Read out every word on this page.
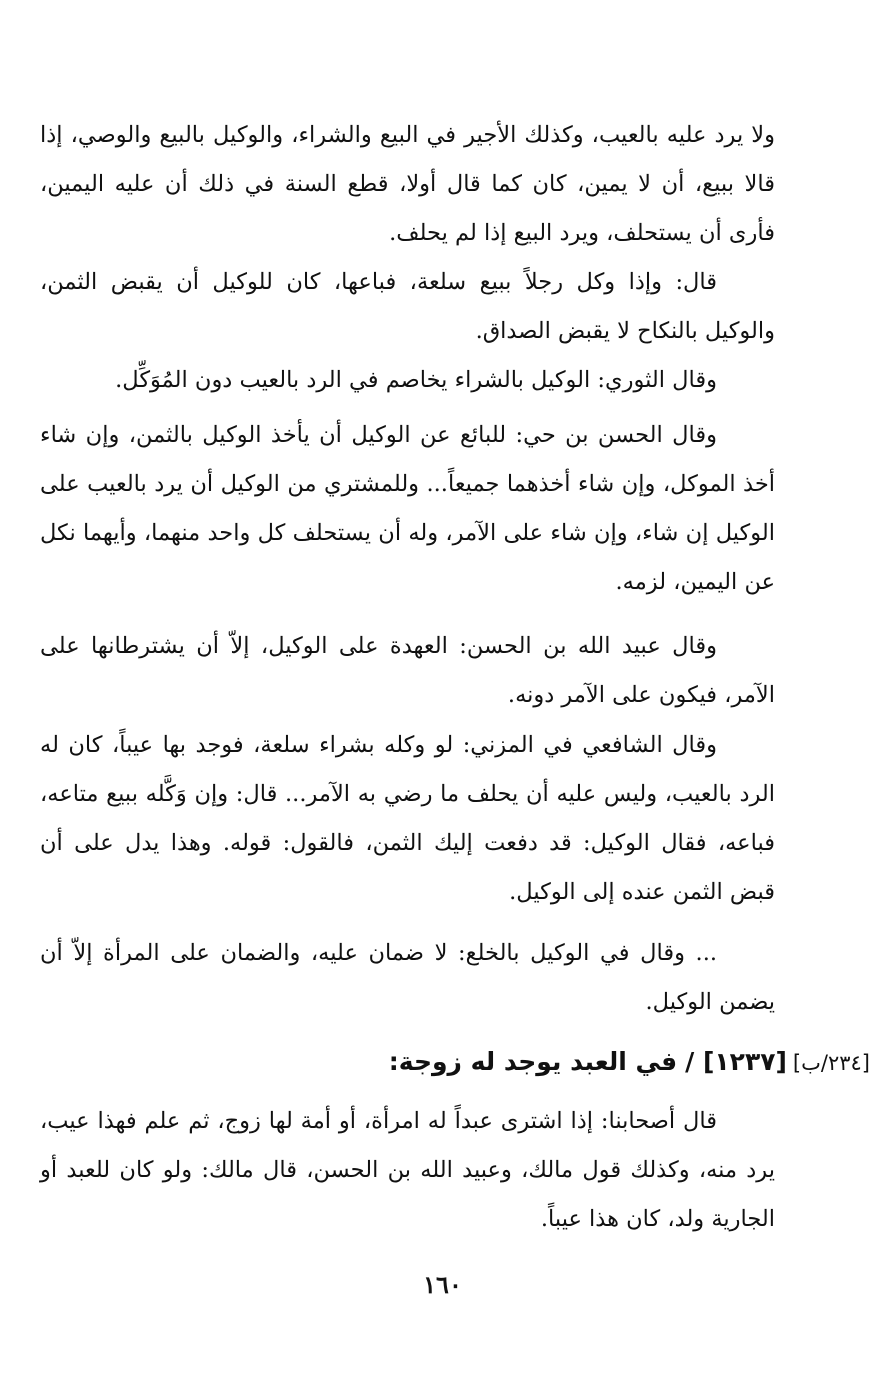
ولا يرد عليه بالعيب، وكذلك الأجير في البيع والشراء، والوكيل بالبيع والوصي، إذا قالا ببيع، أن لا يمين، كان كما قال أولا، قطع السنة في ذلك أن عليه اليمين، فأرى أن يستحلف، ويرد البيع إذا لم يحلف.

قال: وإذا وكل رجلاً ببيع سلعة، فباعها، كان للوكيل أن يقبض الثمن، والوكيل بالنكاح لا يقبض الصداق.

وقال الثوري: الوكيل بالشراء يخاصم في الرد بالعيب دون المُوَكِّل.

وقال الحسن بن حي: للبائع عن الوكيل أن يأخذ الوكيل بالثمن، وإن شاء أخذ الموكل، وإن شاء أخذهما جميعاً... وللمشتري من الوكيل أن يرد بالعيب على الوكيل إن شاء، وإن شاء على الآمر، وله أن يستحلف كل واحد منهما، وأيهما نكل عن اليمين، لزمه.

وقال عبيد الله بن الحسن: العهدة على الوكيل، إلاّ أن يشترطانها على الآمر، فيكون على الآمر دونه.

وقال الشافعي في المزني: لو وكله بشراء سلعة، فوجد بها عيباً، كان له الرد بالعيب، وليس عليه أن يحلف ما رضي به الآمر... قال: وإن وَكَّله ببيع متاعه، فباعه، فقال الوكيل: قد دفعت إليك الثمن، فالقول: قوله. وهذا يدل على أن قبض الثمن عنده إلى الوكيل.

... وقال في الوكيل بالخلع: لا ضمان عليه، والضمان على المرأة إلاّ أن يضمن الوكيل.

[٢٣٤/ب][١٢٣٧] /في العبد يوجد له زوجة:

قال أصحابنا: إذا اشترى عبداً له امرأة، أو أمة لها زوج، ثم علم فهذا عيب، يرد منه، وكذلك قول مالك، وعبيد الله بن الحسن، قال مالك: ولو كان للعبد أو الجارية ولد، كان هذا عيباً.

١٦٠
